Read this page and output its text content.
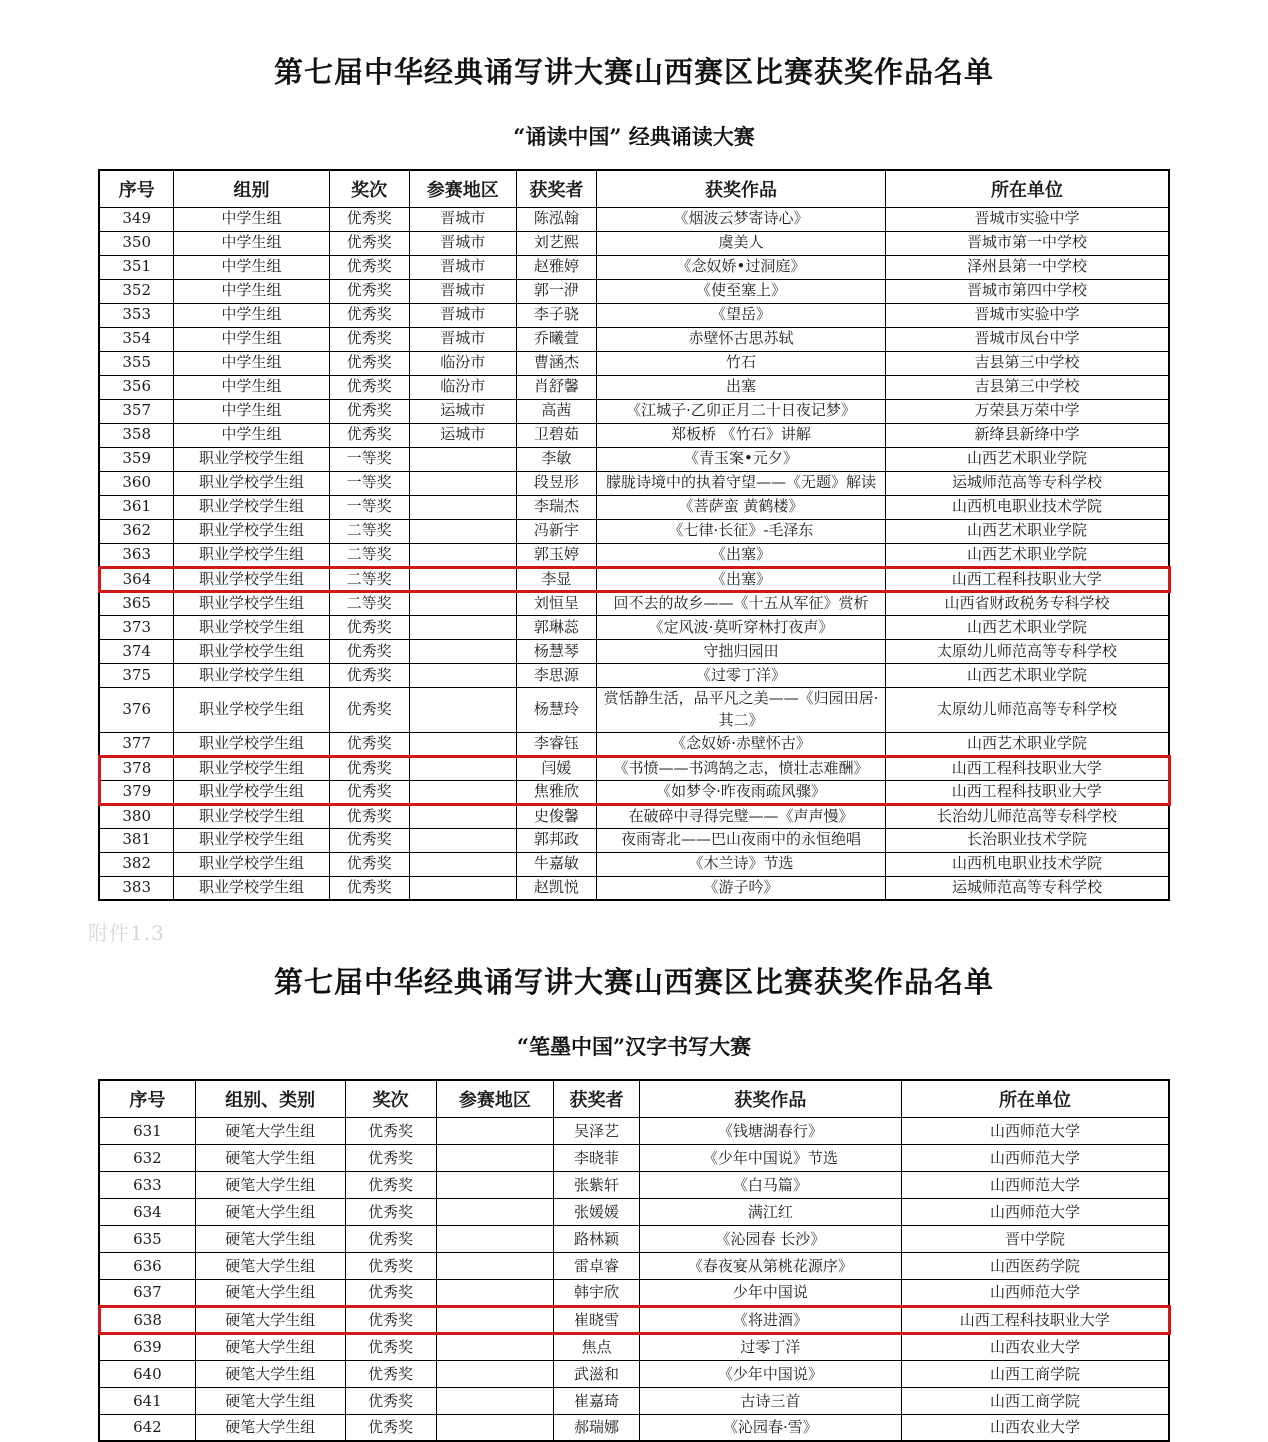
第七届中华经典诵写讲大赛山西赛区比赛获奖作品名单
“诵读中国” 经典诵读大赛
序号	组别	奖次	参赛地区	获奖者	获奖作品	所在单位
349	中学生组	优秀奖	晋城市	陈泓翰	《烟波云梦寄诗心》	晋城市实验中学
350	中学生组	优秀奖	晋城市	刘艺熙	虞美人	晋城市第一中学校
351	中学生组	优秀奖	晋城市	赵雅婷	《念奴娇•过洞庭》	泽州县第一中学校
352	中学生组	优秀奖	晋城市	郭一洢	《使至塞上》	晋城市第四中学校
353	中学生组	优秀奖	晋城市	李子骁	《望岳》	晋城市实验中学
354	中学生组	优秀奖	晋城市	乔曦萱	赤壁怀古思苏轼	晋城市凤台中学
355	中学生组	优秀奖	临汾市	曹涵杰	竹石	吉县第三中学校
356	中学生组	优秀奖	临汾市	肖舒馨	出塞	吉县第三中学校
357	中学生组	优秀奖	运城市	高茜	《江城子·乙卯正月二十日夜记梦》	万荣县万荣中学
358	中学生组	优秀奖	运城市	卫碧茹	郑板桥 《竹石》讲解	新绛县新绛中学
359	职业学校学生组	一等奖		李敏	《青玉案•元夕》	山西艺术职业学院
360	职业学校学生组	一等奖		段昱形	朦胧诗境中的执着守望——《无题》解读	运城师范高等专科学校
361	职业学校学生组	一等奖		李瑞杰	《菩萨蛮 黄鹤楼》	山西机电职业技术学院
362	职业学校学生组	二等奖		冯新宇	《七律·长征》-毛泽东	山西艺术职业学院
363	职业学校学生组	二等奖		郭玉婷	《出塞》	山西艺术职业学院
364	职业学校学生组	二等奖		李显	《出塞》	山西工程科技职业大学
365	职业学校学生组	二等奖		刘恒呈	回不去的故乡——《十五从军征》赏析	山西省财政税务专科学校
373	职业学校学生组	优秀奖		郭琳蕊	《定风波·莫听穿林打夜声》	山西艺术职业学院
374	职业学校学生组	优秀奖		杨慧琴	守拙归园田	太原幼儿师范高等专科学校
375	职业学校学生组	优秀奖		李思源	《过零丁洋》	山西艺术职业学院
376	职业学校学生组	优秀奖		杨慧玲	赏恬静生活，品平凡之美——《归园田居·其二》	太原幼儿师范高等专科学校
377	职业学校学生组	优秀奖		李睿钰	《念奴娇·赤壁怀古》	山西艺术职业学院
378	职业学校学生组	优秀奖		闫媛	《书愤——书鸿鹄之志，愤壮志难酬》	山西工程科技职业大学
379	职业学校学生组	优秀奖		焦雅欣	《如梦令·昨夜雨疏风骤》	山西工程科技职业大学
380	职业学校学生组	优秀奖		史俊馨	在破碎中寻得完璧——《声声慢》	长治幼儿师范高等专科学校
381	职业学校学生组	优秀奖		郭邦政	夜雨寄北——巴山夜雨中的永恒绝唱	长治职业技术学院
382	职业学校学生组	优秀奖		牛嘉敏	《木兰诗》节选	山西机电职业技术学院
383	职业学校学生组	优秀奖		赵凯悦	《游子吟》	运城师范高等专科学校
附件1.3
第七届中华经典诵写讲大赛山西赛区比赛获奖作品名单
“笔墨中国”汉字书写大赛
序号	组别、类别	奖次	参赛地区	获奖者	获奖作品	所在单位
631	硬笔大学生组	优秀奖		吴泽艺	《钱塘湖春行》	山西师范大学
632	硬笔大学生组	优秀奖		李晓菲	《少年中国说》节选	山西师范大学
633	硬笔大学生组	优秀奖		张紫轩	《白马篇》	山西师范大学
634	硬笔大学生组	优秀奖		张媛媛	满江红	山西师范大学
635	硬笔大学生组	优秀奖		路林颖	《沁园春 长沙》	晋中学院
636	硬笔大学生组	优秀奖		雷卓睿	《春夜宴从第桃花源序》	山西医药学院
637	硬笔大学生组	优秀奖		韩宇欣	少年中国说	山西师范大学
638	硬笔大学生组	优秀奖		崔晓雪	《将进酒》	山西工程科技职业大学
639	硬笔大学生组	优秀奖		焦点	过零丁洋	山西农业大学
640	硬笔大学生组	优秀奖		武滋和	《少年中国说》	山西工商学院
641	硬笔大学生组	优秀奖		崔嘉琦	古诗三首	山西工商学院
642	硬笔大学生组	优秀奖		郝瑞娜	《沁园春·雪》	山西农业大学
